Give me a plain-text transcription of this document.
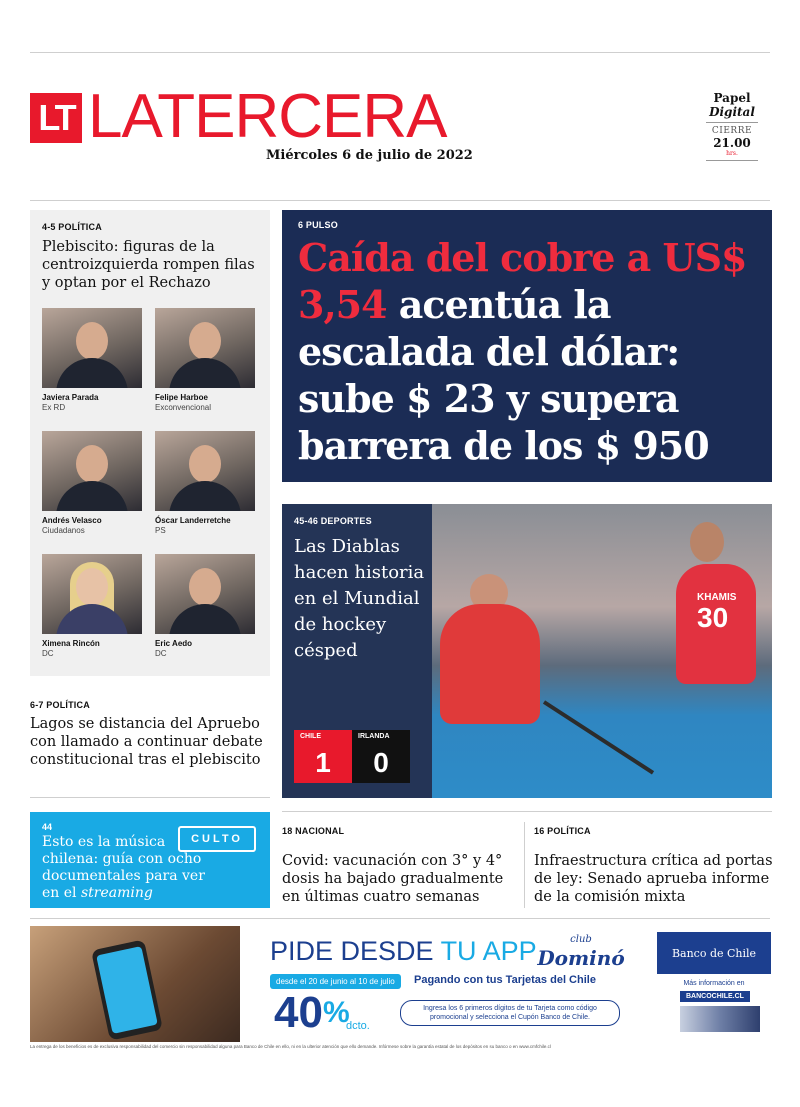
LT LATERCERA
Miércoles 6 de julio de 2022
Papel
Digital
CIERRE
21.00
hrs.
4-5 POLÍTICA
Plebiscito: figuras de la centroizquierda rompen filas y optan por el Rechazo
Javiera Parada
Ex RD
Felipe Harboe
Exconvencional
Andrés Velasco
Ciudadanos
Óscar Landerretche
PS
Ximena Rincón
DC
Eric Aedo
DC
6-7 POLÍTICA
Lagos se distancia del Apruebo con llamado a continuar debate constitucional tras el plebiscito
44
Esto es la música chilena: guía con ocho documentales para ver en el streaming
CULTO
6 PULSO
Caída del cobre a US$ 3,54 acentúa la escalada del dólar: sube $ 23 y supera barrera de los $ 950
KHAMIS
30
45-46 DEPORTES
Las Diablas hacen historia en el Mundial de hockey césped
CHILE	IRLANDA
1	0
18 NACIONAL
Covid: vacunación con 3° y 4° dosis ha bajado gradualmente en últimas cuatro semanas
16 POLÍTICA
Infraestructura crítica ad portas de ley: Senado aprueba informe de la comisión mixta
PIDE DESDE TU APP	club
Dominó
desde el 20 de junio al 10 de julio	Pagando con tus Tarjetas del Chile
40%
dcto.
Ingresa los 6 primeros dígitos de tu Tarjeta como código promocional y selecciona el Cupón Banco de Chile.
Banco de Chile
Más información en
BANCOCHILE.CL
La entrega de los beneficios es de exclusiva responsabilidad del comercio sin responsabilidad alguna para Banco de Chile en ello, ni en la ulterior atención que ello demande. Infórmese sobre la garantía estatal de los depósitos en su banco o en www.cmfchile.cl
